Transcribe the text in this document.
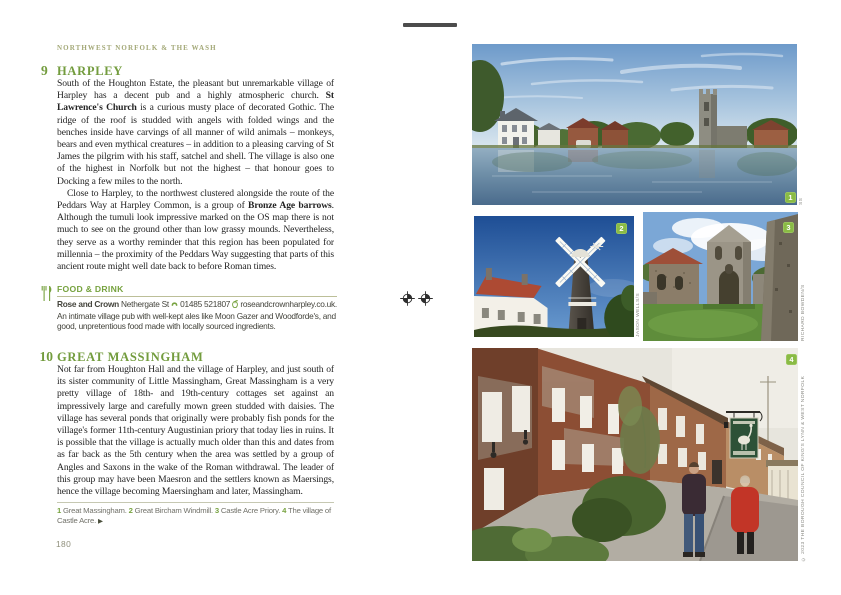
NORTHWEST NORFOLK & THE WASH
9 HARPLEY

South of the Houghton Estate, the pleasant but unremarkable village of Harpley has a decent pub and a highly atmospheric church. St Lawrence's Church is a curious musty place of decorated Gothic. The ridge of the roof is studded with angels with folded wings and the benches inside have carvings of all manner of wild animals – monkeys, bears and even mythical creatures – in addition to a pleasing carving of St James the pilgrim with his staff, satchel and shell. The village is also one of the highest in Norfolk but not the highest – that honour goes to Docking a few miles to the north.

Close to Harpley, to the northwest clustered alongside the route of the Peddars Way at Harpley Common, is a group of Bronze Age barrows. Although the tumuli look impressive marked on the OS map there is not much to see on the ground other than low grassy mounds. Nevertheless, they serve as a worthy reminder that this region has been populated for millennia – the proximity of the Peddars Way suggesting that parts of this ancient route might well date back to before Roman times.

FOOD & DRINK
Rose and Crown Nethergate St 01485 521807 roseandcrownharpley.co.uk. An intimate village pub with well-kept ales like Moon Gazer and Woodforde's, and good, unpretentious food made with locally sourced ingredients.
10 GREAT MASSINGHAM

Not far from Houghton Hall and the village of Harpley, and just south of its sister community of Little Massingham, Great Massingham is a very pretty village of 18th- and 19th-century cottages set against an impressively large and carefully mown green studded with daisies. The village has several ponds that originally were probably fish ponds for the village's former 11th-century Augustinian priory that today lies in ruins. It is possible that the village is actually much older than this and dates from as far back as the 5th century when the area was settled by a group of Angles and Saxons in the wake of the Roman withdrawal. The leader of this group may have been Maesron and the settlers known as Maersings, hence the village becoming Maersingham and later, Massingham.

1 Great Massingham. 2 Great Bircham Windmill. 3 Castle Acre Priory. 4 The village of Castle Acre. ▶
180
1
2	3
4
SS
JASON WELLS/S	RICHARD BOWDEN/S
© 2023 THE BOROUGH COUNCIL OF KING'S LYNN & WEST NORFOLK
